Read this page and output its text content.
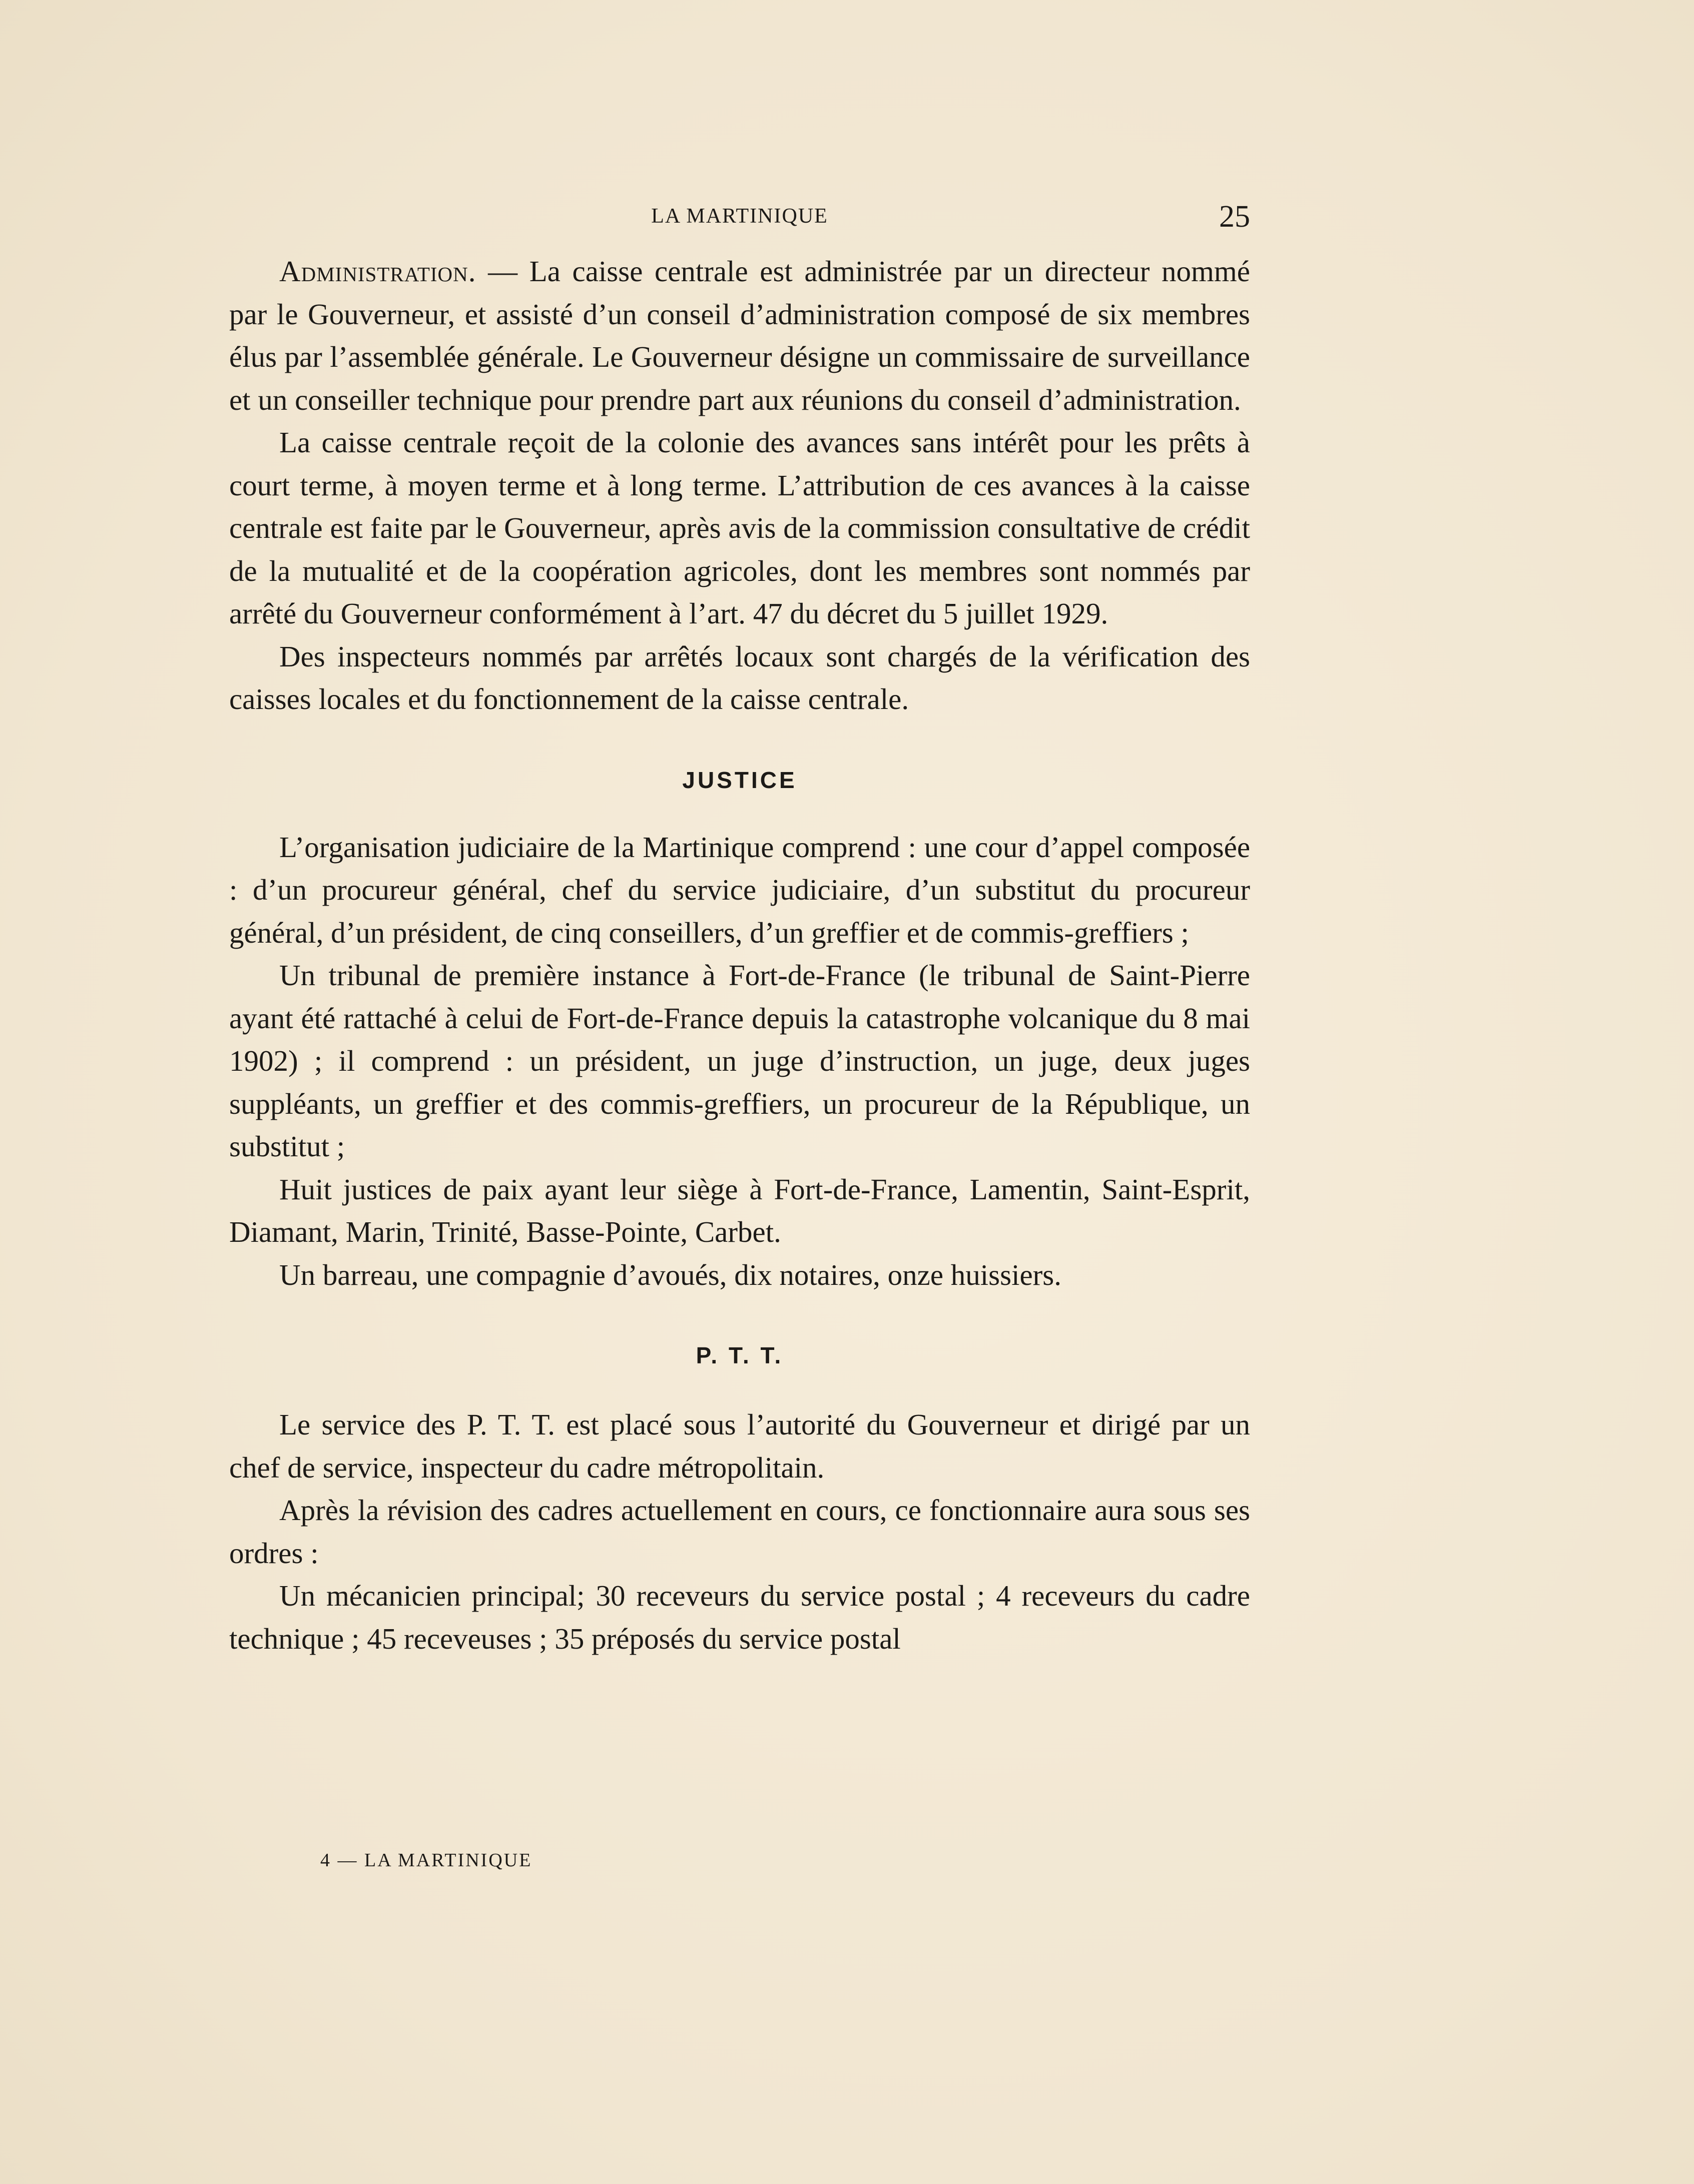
LA MARTINIQUE	25

Administration. — La caisse centrale est administrée par un directeur nommé par le Gouverneur, et assisté d’un conseil d’administration composé de six membres élus par l’assemblée générale. Le Gouverneur désigne un commissaire de surveillance et un conseiller technique pour prendre part aux réunions du conseil d’administration.

La caisse centrale reçoit de la colonie des avances sans intérêt pour les prêts à court terme, à moyen terme et à long terme. L’attribution de ces avances à la caisse centrale est faite par le Gouverneur, après avis de la commission consultative de crédit de la mutualité et de la coopération agricoles, dont les membres sont nommés par arrêté du Gouverneur conformément à l’art. 47 du décret du 5 juillet 1929.

Des inspecteurs nommés par arrêtés locaux sont chargés de la vérification des caisses locales et du fonctionnement de la caisse centrale.

JUSTICE

L’organisation judiciaire de la Martinique comprend : une cour d’appel composée : d’un procureur général, chef du service judiciaire, d’un substitut du procureur général, d’un président, de cinq conseillers, d’un greffier et de commis-greffiers ;

Un tribunal de première instance à Fort-de-France (le tribunal de Saint-Pierre ayant été rattaché à celui de Fort-de-France depuis la catastrophe volcanique du 8 mai 1902) ; il comprend : un président, un juge d’instruction, un juge, deux juges suppléants, un greffier et des commis-greffiers, un procureur de la République, un substitut ;

Huit justices de paix ayant leur siège à Fort-de-France, Lamentin, Saint-Esprit, Diamant, Marin, Trinité, Basse-Pointe, Carbet.

Un barreau, une compagnie d’avoués, dix notaires, onze huissiers.

P. T. T.

Le service des P. T. T. est placé sous l’autorité du Gouverneur et dirigé par un chef de service, inspecteur du cadre métropolitain.

Après la révision des cadres actuellement en cours, ce fonctionnaire aura sous ses ordres :

Un mécanicien principal; 30 receveurs du service postal ; 4 receveurs du cadre technique ; 45 receveuses ; 35 préposés du service postal

4 — LA MARTINIQUE
